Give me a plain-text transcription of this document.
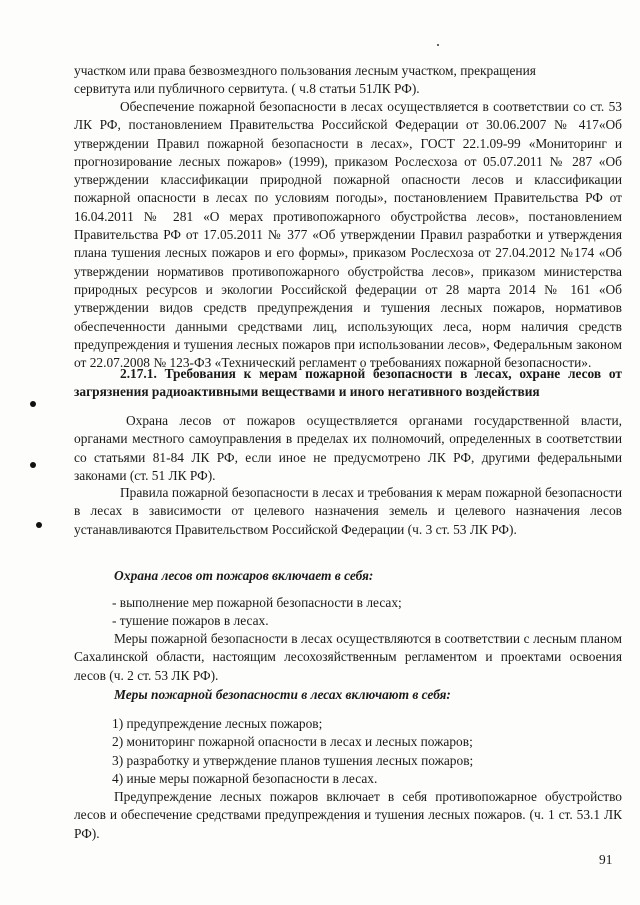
участком или права безвозмездного пользования лесным участком, прекращения

сервитута или публичного сервитута. ( ч.8 статьи 51ЛК РФ).

Обеспечение пожарной безопасности в лесах осуществляется в соответствии со ст. 53 ЛК РФ, постановлением Правительства Российской Федерации от 30.06.2007 № 417«Об утверждении Правил пожарной безопасности в лесах», ГОСТ 22.1.09-99 «Мониторинг и прогнозирование лесных пожаров» (1999), приказом Рослесхоза от 05.07.2011 № 287 «Об утверждении классификации природной пожарной опасности лесов и классификации пожарной опасности в лесах по условиям погоды», постановлением Правительства РФ от 16.04.2011 № 281 «О мерах противопожарного обустройства лесов», постановлением Правительства РФ от 17.05.2011 № 377 «Об утверждении Правил разработки и утверждения плана тушения лесных пожаров и его формы», приказом Рослесхоза от 27.04.2012 №174 «Об утверждении нормативов противопожарного обустройства лесов», приказом министерства природных ресурсов и экологии Российской федерации от 28 марта 2014 № 161 «Об утверждении видов средств предупреждения и тушения лесных пожаров, нормативов обеспеченности данными средствами лиц, использующих леса, норм наличия средств предупреждения и тушения лесных пожаров при использовании лесов», Федеральным законом от 22.07.2008 № 123-ФЗ «Технический регламент о требованиях пожарной безопасности».

2.17.1. Требования к мерам пожарной безопасности в лесах, охране лесов от загрязнения радиоактивными веществами и иного негативного воздействия

Охрана лесов от пожаров осуществляется органами государственной власти, органами местного самоуправления в пределах их полномочий, определенных в соответствии со статьями 81-84 ЛК РФ, если иное не предусмотрено ЛК РФ, другими федеральными законами (ст. 51 ЛК РФ).

Правила пожарной безопасности в лесах и требования к мерам пожарной безопасности в лесах в зависимости от целевого назначения земель и целевого назначения лесов устанавливаются Правительством Российской Федерации (ч. 3 ст. 53 ЛК РФ).

Охрана лесов от пожаров включает в себя:

- выполнение мер пожарной безопасности в лесах;

- тушение пожаров в лесах.

Меры пожарной безопасности в лесах осуществляются в соответствии с лесным планом Сахалинской области, настоящим лесохозяйственным регламентом и проектами освоения лесов (ч. 2 ст. 53 ЛК РФ).

Меры пожарной безопасности в лесах включают в себя:

1) предупреждение лесных пожаров;

2) мониторинг пожарной опасности в лесах и лесных пожаров;

3) разработку и утверждение планов тушения лесных пожаров;

4) иные меры пожарной безопасности в лесах.

Предупреждение лесных пожаров включает в себя противопожарное обустройство лесов и обеспечение средствами предупреждения и тушения лесных пожаров. (ч. 1 ст. 53.1 ЛК РФ).

91
